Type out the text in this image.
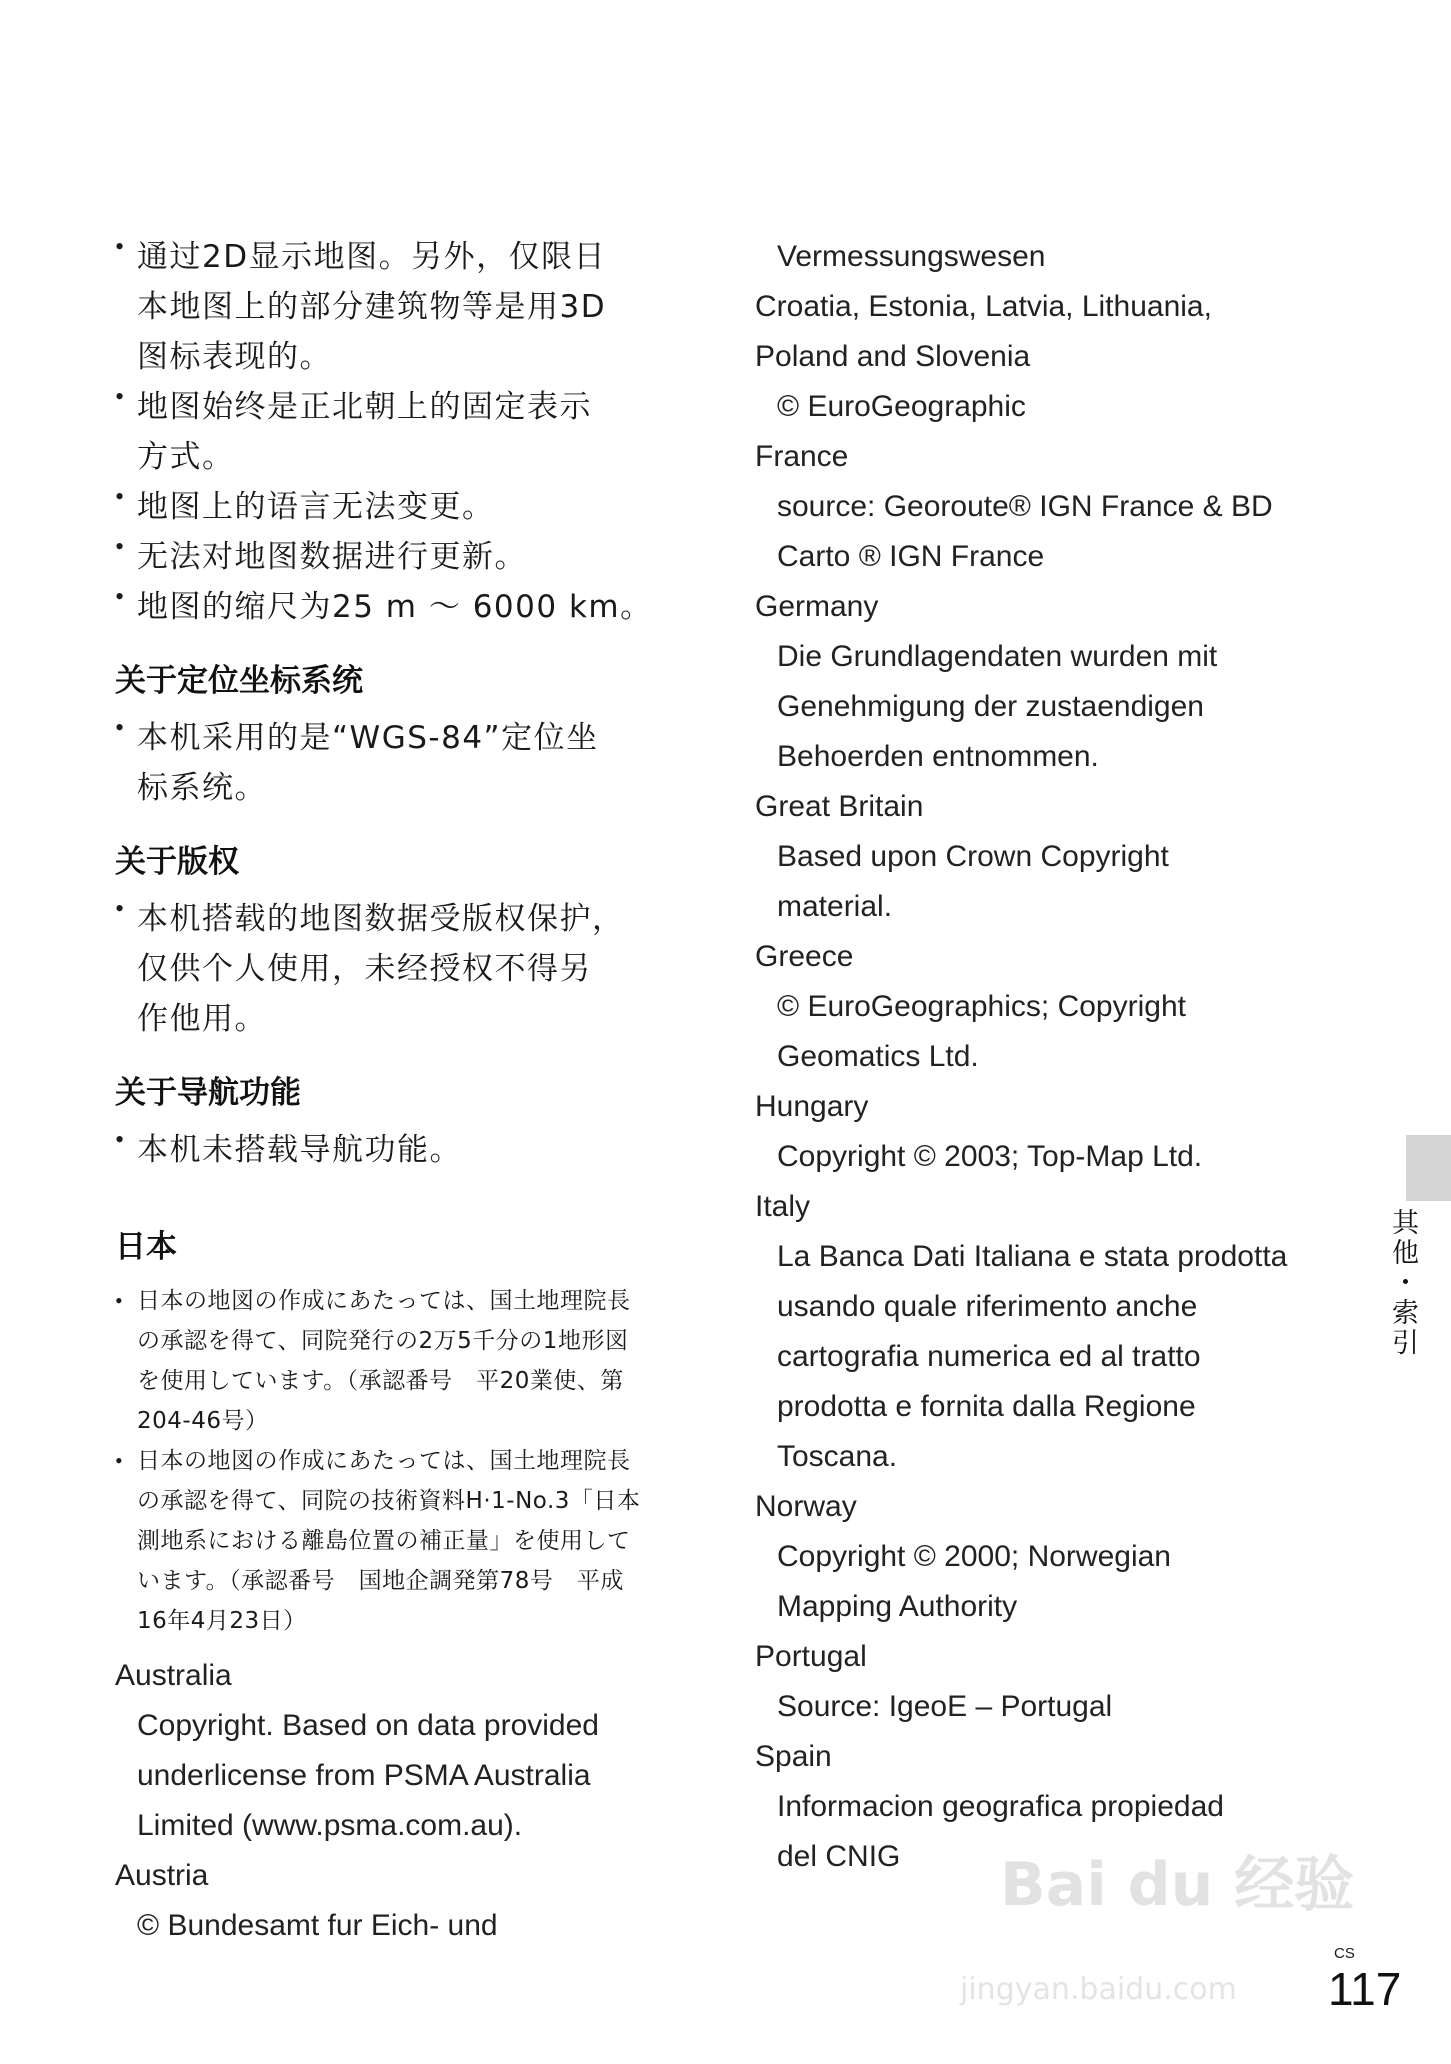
• 通过2D显示地图。另外，仅限日
本地图上的部分建筑物等是用3D
图标表现的。
• 地图始终是正北朝上的固定表示
方式。
• 地图上的语言无法变更。
• 无法对地图数据进行更新。
• 地图的缩尺为25 m ～ 6000 km。
关于定位坐标系统
• 本机采用的是“WGS-84”定位坐
标系统。
关于版权
• 本机搭载的地图数据受版权保护，
仅供个人使用，未经授权不得另
作他用。
关于导航功能
• 本机未搭载导航功能。
日本
• 日本の地図の作成にあたっては、国土地理院長
の承認を得て、同院発行の2万5千分の1地形図
を使用しています。（承認番号　平20業使、第
204-46号）
• 日本の地図の作成にあたっては、国土地理院長
の承認を得て、同院の技術資料H·1-No.3「日本
測地系における離島位置の補正量」を使用して
います。（承認番号　国地企調発第78号　平成
16年4月23日）
Australia
Copyright. Based on data provided
underlicense from PSMA Australia
Limited (www.psma.com.au).
Austria
© Bundesamt fur Eich- und
Vermessungswesen
Croatia, Estonia, Latvia, Lithuania,
Poland and Slovenia
© EuroGeographic
France
source: Georoute® IGN France & BD
Carto ® IGN France
Germany
Die Grundlagendaten wurden mit
Genehmigung der zustaendigen
Behoerden entnommen.
Great Britain
Based upon Crown Copyright
material.
Greece
© EuroGeographics; Copyright
Geomatics Ltd.
Hungary
Copyright © 2003; Top-Map Ltd.
Italy
La Banca Dati Italiana e stata prodotta
usando quale riferimento anche
cartografia numerica ed al tratto
prodotta e fornita dalla Regione
Toscana.
Norway
Copyright © 2000; Norwegian
Mapping Authority
Portugal
Source: IgeoE – Portugal
Spain
Informacion geografica propiedad
del CNIG
其他・索引
Bai du 经验
jingyan.baidu.com
CS
117
